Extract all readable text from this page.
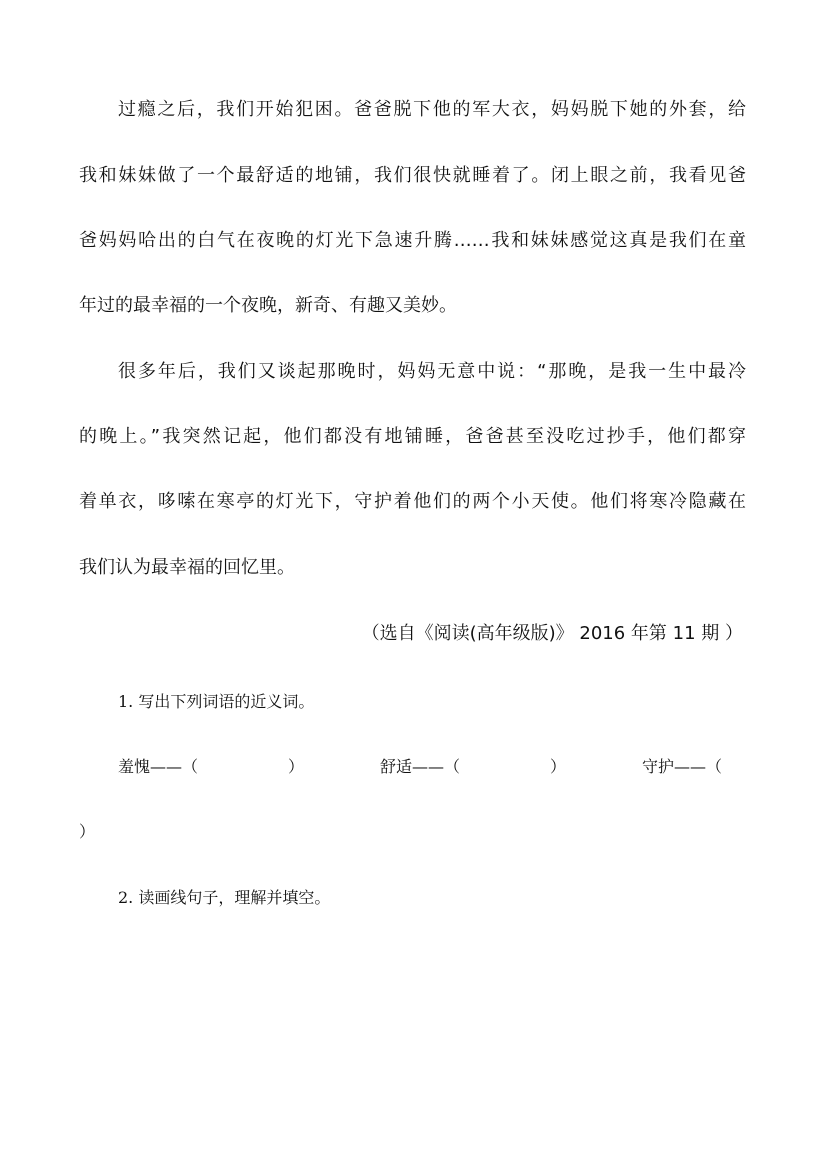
过瘾之后，我们开始犯困。爸爸脱下他的军大衣，妈妈脱下她的外套，给
我和妹妹做了一个最舒适的地铺，我们很快就睡着了。闭上眼之前，我看见爸
爸妈妈哈出的白气在夜晚的灯光下急速升腾……我和妹妹感觉这真是我们在童
年过的最幸福的一个夜晚，新奇、有趣又美妙。
很多年后，我们又谈起那晚时，妈妈无意中说：“那晚，是我一生中最冷
的晚上。”我突然记起，他们都没有地铺睡，爸爸甚至没吃过抄手，他们都穿
着单衣，哆嗦在寒亭的灯光下，守护着他们的两个小天使。他们将寒冷隐藏在
我们认为最幸福的回忆里。
（选自《阅读(高年级版)》 2016 年第 11 期 ）
1. 写出下列词语的近义词。
羞愧——（	）	舒适——（	）	守护——（
）
2. 读画线句子，理解并填空。
